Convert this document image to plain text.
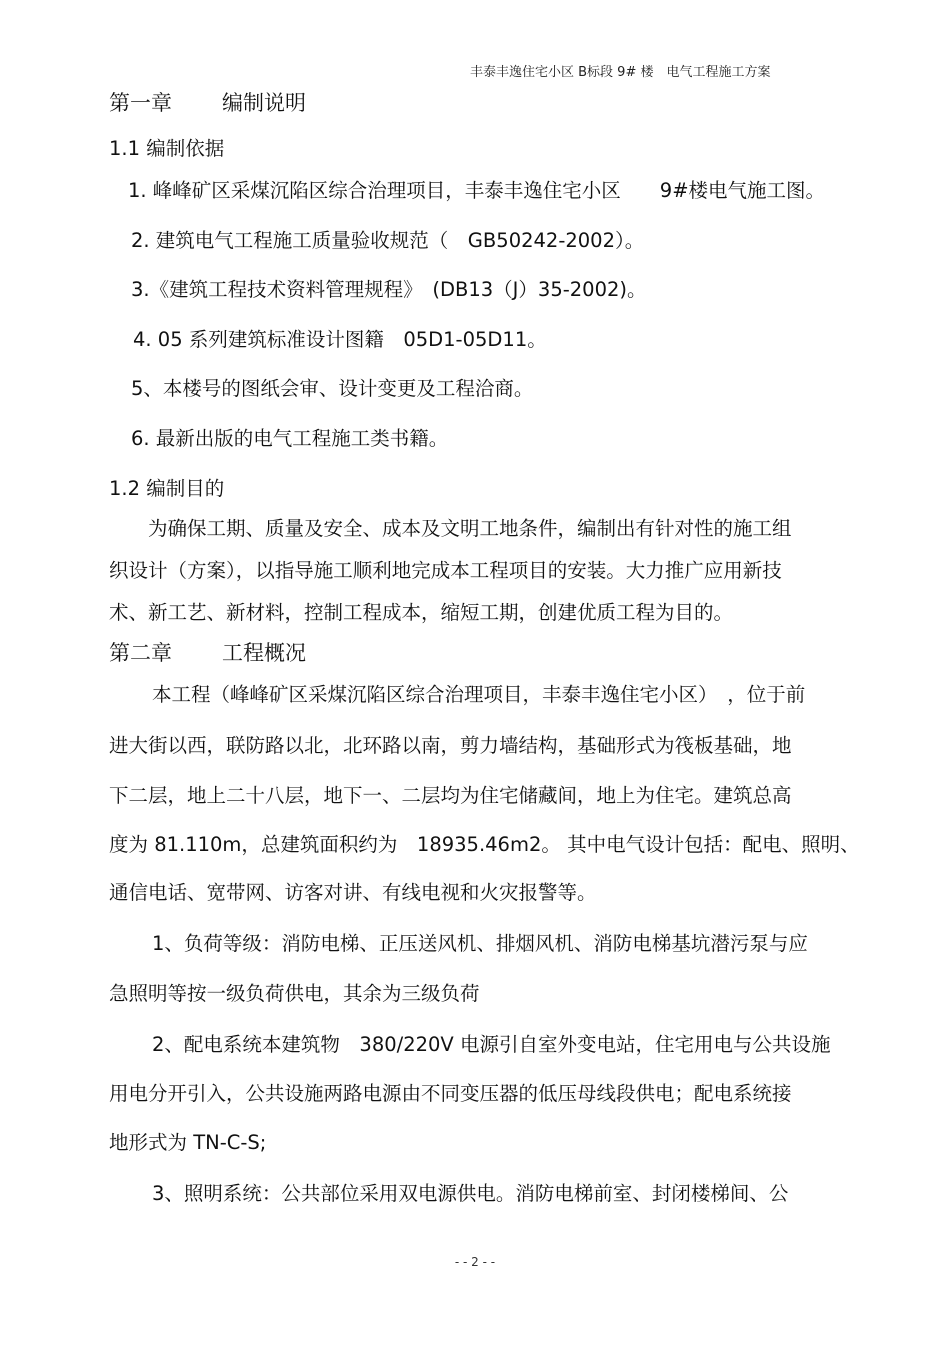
丰泰丰逸住宅小区 B标段 9# 楼　电气工程施工方案
第一章 编制说明
1.1 编制依据
1. 峰峰矿区采煤沉陷区综合治理项目，丰泰丰逸住宅小区　　9#楼电气施工图。
2. 建筑电气工程施工质量验收规范（　GB50242-2002）。
3.《建筑工程技术资料管理规程》　(DB13（J）35-2002)。
4. 05 系列建筑标准设计图籍　05D1-05D11。
5、本楼号的图纸会审、设计变更及工程洽商。
6. 最新出版的电气工程施工类书籍。
1.2 编制目的
为确保工期、质量及安全、成本及文明工地条件，编制出有针对性的施工组
织设计（方案），以指导施工顺利地完成本工程项目的安装。大力推广应用新技
术、新工艺、新材料，控制工程成本，缩短工期，创建优质工程为目的。
第二章 工程概况
本工程（峰峰矿区采煤沉陷区综合治理项目，丰泰丰逸住宅小区）　，位于前
进大街以西，联防路以北，北环路以南，剪力墙结构，基础形式为筏板基础，地
下二层，地上二十八层，地下一、二层均为住宅储藏间，地上为住宅。建筑总高
度为 81.110m，总建筑面积约为　18935.46m2。 其中电气设计包括：配电、照明、
通信电话、宽带网、访客对讲、有线电视和火灾报警等。
1、负荷等级：消防电梯、正压送风机、排烟风机、消防电梯基坑潜污泵与应
急照明等按一级负荷供电，其余为三级负荷
2、配电系统本建筑物　380/220V 电源引自室外变电站，住宅用电与公共设施
用电分开引入，公共设施两路电源由不同变压器的低压母线段供电；配电系统接
地形式为 TN-C-S;
3、照明系统：公共部位采用双电源供电。消防电梯前室、封闭楼梯间、公
- - 2 - -
